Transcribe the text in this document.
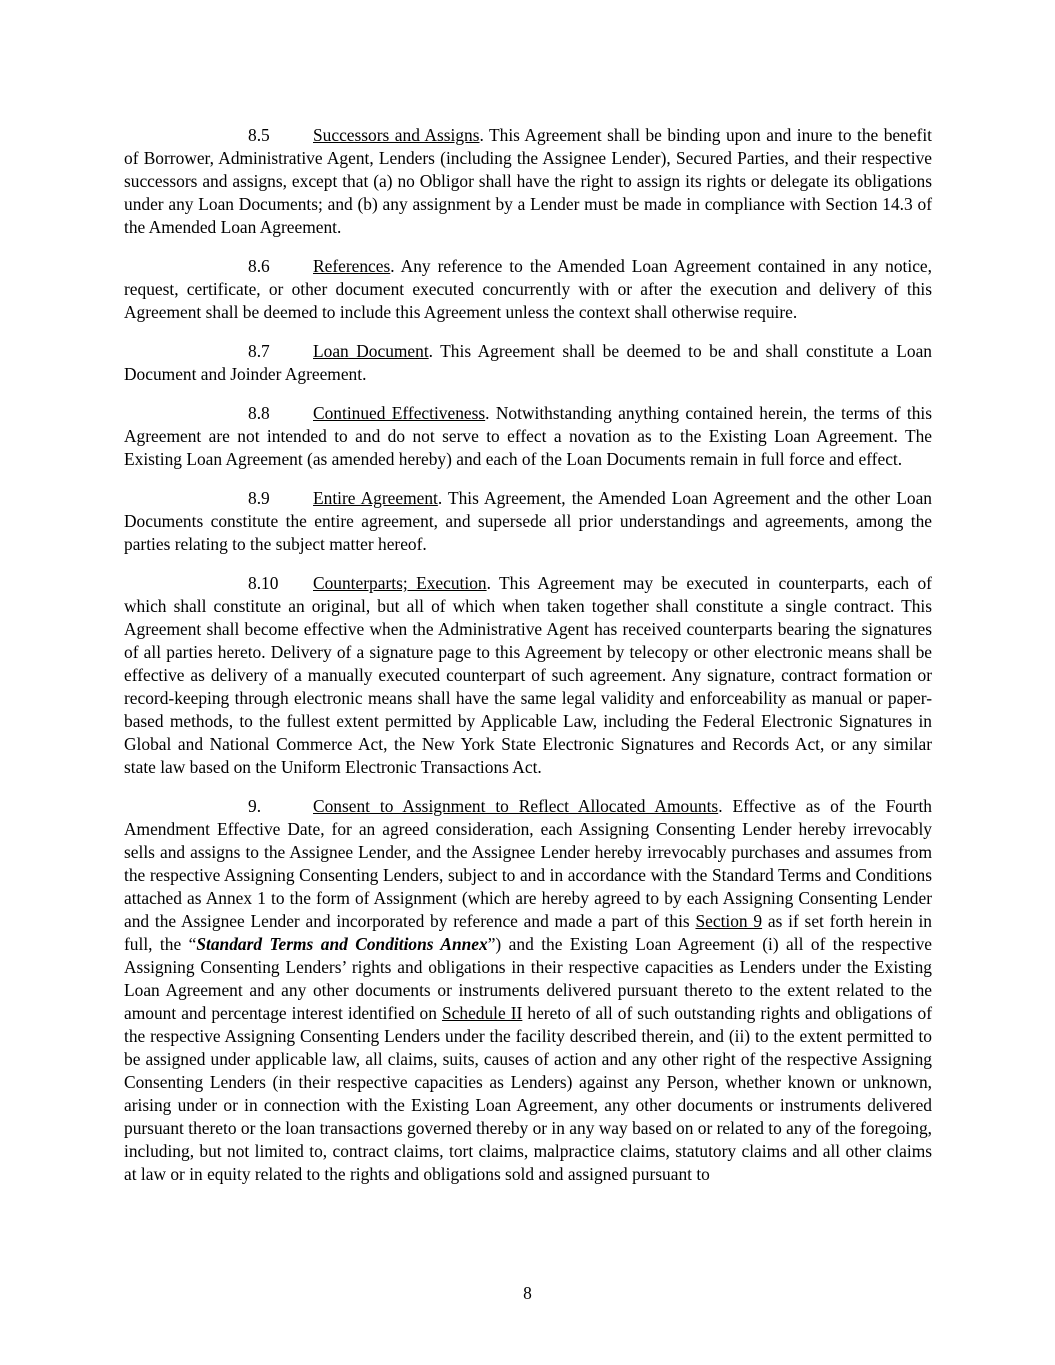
8.5 Successors and Assigns. This Agreement shall be binding upon and inure to the benefit of Borrower, Administrative Agent, Lenders (including the Assignee Lender), Secured Parties, and their respective successors and assigns, except that (a) no Obligor shall have the right to assign its rights or delegate its obligations under any Loan Documents; and (b) any assignment by a Lender must be made in compliance with Section 14.3 of the Amended Loan Agreement.

8.6 References. Any reference to the Amended Loan Agreement contained in any notice, request, certificate, or other document executed concurrently with or after the execution and delivery of this Agreement shall be deemed to include this Agreement unless the context shall otherwise require.

8.7 Loan Document. This Agreement shall be deemed to be and shall constitute a Loan Document and Joinder Agreement.

8.8 Continued Effectiveness. Notwithstanding anything contained herein, the terms of this Agreement are not intended to and do not serve to effect a novation as to the Existing Loan Agreement. The Existing Loan Agreement (as amended hereby) and each of the Loan Documents remain in full force and effect.

8.9 Entire Agreement. This Agreement, the Amended Loan Agreement and the other Loan Documents constitute the entire agreement, and supersede all prior understandings and agreements, among the parties relating to the subject matter hereof.

8.10 Counterparts; Execution. This Agreement may be executed in counterparts, each of which shall constitute an original, but all of which when taken together shall constitute a single contract. This Agreement shall become effective when the Administrative Agent has received counterparts bearing the signatures of all parties hereto. Delivery of a signature page to this Agreement by telecopy or other electronic means shall be effective as delivery of a manually executed counterpart of such agreement. Any signature, contract formation or record-keeping through electronic means shall have the same legal validity and enforceability as manual or paper-based methods, to the fullest extent permitted by Applicable Law, including the Federal Electronic Signatures in Global and National Commerce Act, the New York State Electronic Signatures and Records Act, or any similar state law based on the Uniform Electronic Transactions Act.

9.	Consent to Assignment to Reflect Allocated Amounts. Effective as of the Fourth Amendment Effective Date, for an agreed consideration, each Assigning Consenting Lender hereby irrevocably sells and assigns to the Assignee Lender, and the Assignee Lender hereby irrevocably purchases and assumes from the respective Assigning Consenting Lenders, subject to and in accordance with the Standard Terms and Conditions attached as Annex 1 to the form of Assignment (which are hereby agreed to by each Assigning Consenting Lender and the Assignee Lender and incorporated by reference and made a part of this Section 9 as if set forth herein in full, the “Standard Terms and Conditions Annex”) and the Existing Loan Agreement (i) all of the respective Assigning Consenting Lenders’ rights and obligations in their respective capacities as Lenders under the Existing Loan Agreement and any other documents or instruments delivered pursuant thereto to the extent related to the amount and percentage interest identified on Schedule II hereto of all of such outstanding rights and obligations of the respective Assigning Consenting Lenders under the facility described therein, and (ii) to the extent permitted to be assigned under applicable law, all claims, suits, causes of action and any other right of the respective Assigning Consenting Lenders (in their respective capacities as Lenders) against any Person, whether known or unknown, arising under or in connection with the Existing Loan Agreement, any other documents or instruments delivered pursuant thereto or the loan transactions governed thereby or in any way based on or related to any of the foregoing, including, but not limited to, contract claims, tort claims, malpractice claims, statutory claims and all other claims at law or in equity related to the rights and obligations sold and assigned pursuant to

8
